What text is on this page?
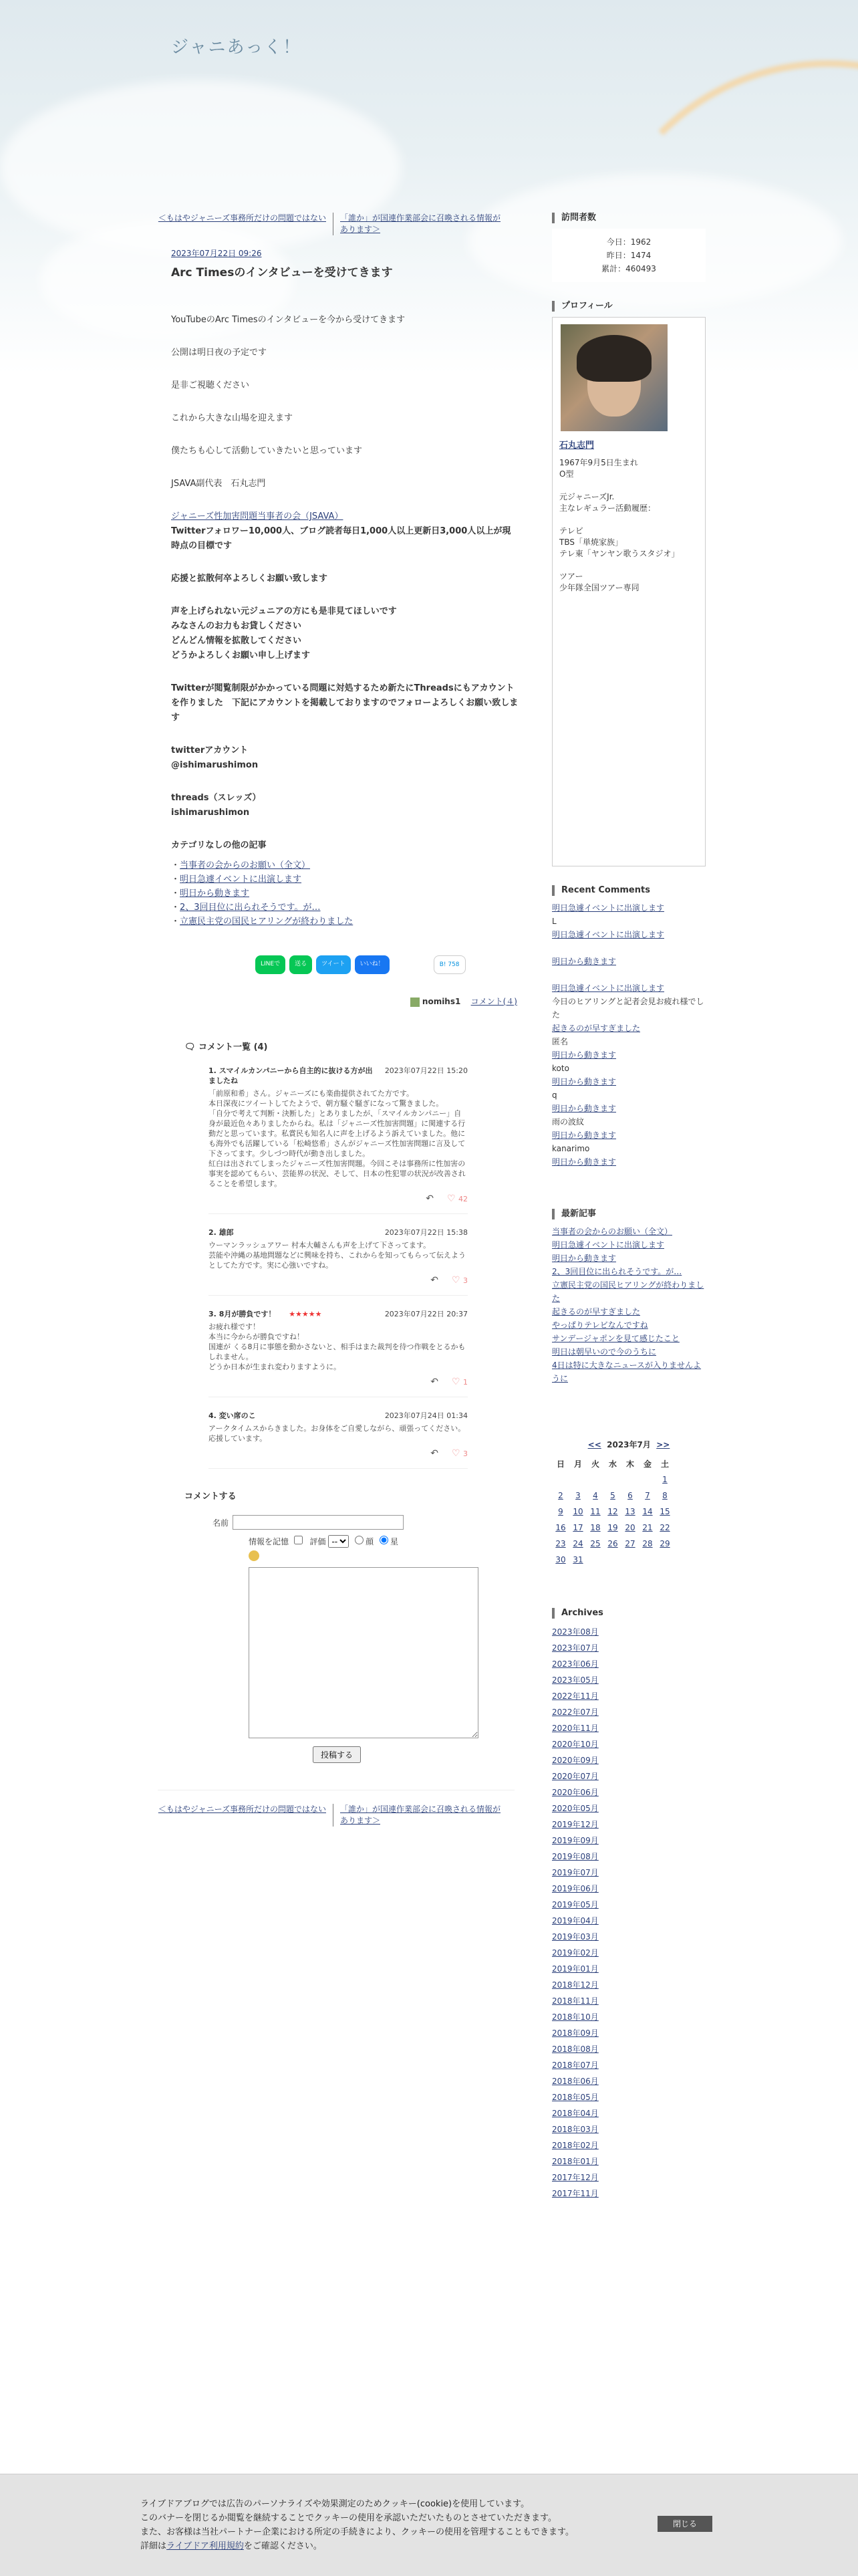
ジャニあっく！
＜もはやジャニーズ事務所だけの問題ではない	「誰か」が国連作業部会に召喚される情報があります＞
2023年07月22日 09:26
Arc Timesのインタビューを受けてきます

YouTubeのArc Timesのインタビューを今から受けてきます

公開は明日夜の予定です

是非ご視聴ください

これから大きな山場を迎えます

僕たちも心して活動していきたいと思っています

JSAVA副代表　石丸志門

ジャニーズ性加害問題当事者の会（JSAVA）

Twitterフォロワー10,000人、ブログ読者毎日1,000人以上更新日3,000人以上が現時点の目標です

応援と拡散何卒よろしくお願い致します

声を上げられない元ジュニアの方にも是非見てほしいです
みなさんのお力もお貸しください
どんどん情報を拡散してください
どうかよろしくお願い申し上げます

Twitterが閲覧制限がかかっている問題に対処するため新たにThreadsにもアカウントを作りました　下記にアカウントを掲載しておりますのでフォローよろしくお願い致します

twitterアカウント
@ishimarushimon

threads（スレッズ）
ishimarushimon

カテゴリなしの他の記事
・当事者の会からのお願い（全文）
・明日急遽イベントに出演します
・明日から動きます
・2、3回目位に出られそうです。が…
・立憲民主党の国民ヒアリングが終わりました
LINEで	送る	ツイート	いいね！	B! 758
nomihs1 コメント(４)
🗨 コメント一覧 (4)
1. スマイルカンパニーから自主的に抜ける方が出ましたね
2023年07月22日 15:20
「前原和希」さん。ジャニーズにも楽曲提供されてた方です。
本日深夜にツイートしてたようで、朝方騒ぐ騒ぎになって驚きました。
「自分で考えて判断・決断した」とありましたが、「スマイルカンパニー」自身が最近色々ありましたからね。私は「ジャニーズ性加害問題」に関連する行動だと思っています。私賞民も知名人に声を上げるよう訴えていました。他にも海外でも活躍している「松崎悠希」さんがジャニーズ性加害問題に言及して下さってます。少しづつ時代が動き出しました。
紅白は出されてしまったジャニーズ性加害問題。今回こそは事務所に性加害の事実を認めてもらい、芸能界の状況、そして、日本の性犯罪の状況が改善されることを希望します。
↶ ♡ 42
2. 雄郎	2023年07月22日 15:38
ウーマンラッシュアワー 村本大輔さんも声を上げて下さってます。
芸能や沖縄の基地問題などに興味を持ち、これからを知ってもらって伝えようとしてた方です。実に心強いですね。
↶ ♡ 3
3. 8月が勝負です！ ★★★★★	2023年07月22日 20:37
お疲れ様です！
本当に今からが勝負ですね！
国連が くる8月に事態を動かさないと、相手はまた裁判を待つ作戦をとるかもしれません。
どうか日本が生まれ変わりますように。
↶ ♡ 1
4. 変い席のこ	2023年07月24日 01:34
アークタイムスからきました。お身体をご自愛しながら、頑張ってください。応援しています。
↶ ♡ 3
コメントする
名前
情報を記憶	評価
--	顔 星
投稿する
＜もはやジャニーズ事務所だけの問題ではない	「誰か」が国連作業部会に召喚される情報があります＞
訪問者数
今日：1962
昨日：1474
累計：460493
プロフィール
石丸志門
1967年9月5日生まれ
O型

元ジャニーズJr.
主なレギュラー活動履歴：

テレビ
TBS「単焼家族」
テレ東「ヤンヤン歌うスタジオ」

ツアー
少年隊全国ツアー専同
Recent Comments
明日急遽イベントに出演します
L
明日急遽イベントに出演します
明日から動きます
明日急遽イベントに出演します
今日のヒアリングと記者会見お疲れ様でした
起きるのが早すぎました
匿名
明日から動きます
koto
明日から動きます
q
明日から動きます
雨の波紋
明日から動きます
kanarimo
明日から動きます
最新記事
当事者の会からのお願い（全文）
明日急遽イベントに出演します
明日から動きます
2、3回目位に出られそうです。が…
立憲民主党の国民ヒアリングが終わりました
起きるのが早すぎました
やっぱりテレビなんですね
サンデージャポンを見て感じたこと
明日は朝早いので今のうちに
4日は特に大きなニュースが入りませんように
<< 2023年7月 >>
日	月	火	水	木	金	土
						1
2	3	4	5	6	7	8
9	10	11	12	13	14	15
16	17	18	19	20	21	22
23	24	25	26	27	28	29
30	31					
Archives
2023年08月
2023年07月
2023年06月
2023年05月
2022年11月
2022年07月
2020年11月
2020年10月
2020年09月
2020年07月
2020年06月
2020年05月
2019年12月
2019年09月
2019年08月
2019年07月
2019年06月
2019年05月
2019年04月
2019年03月
2019年02月
2019年01月
2018年12月
2018年11月
2018年10月
2018年09月
2018年08月
2018年07月
2018年06月
2018年05月
2018年04月
2018年03月
2018年02月
2018年01月
2017年12月
2017年11月
ライブドアブログでは広告のパーソナライズや効果測定のためクッキー(cookie)を使用しています。
このバナーを閉じるか閲覧を継続することでクッキーの使用を承認いただいたものとさせていただきます。
また、お客様は当社パートナー企業における所定の手続きにより、クッキーの使用を管理することもできます。
詳細はライブドア利用規約をご確認ください。
閉じる
